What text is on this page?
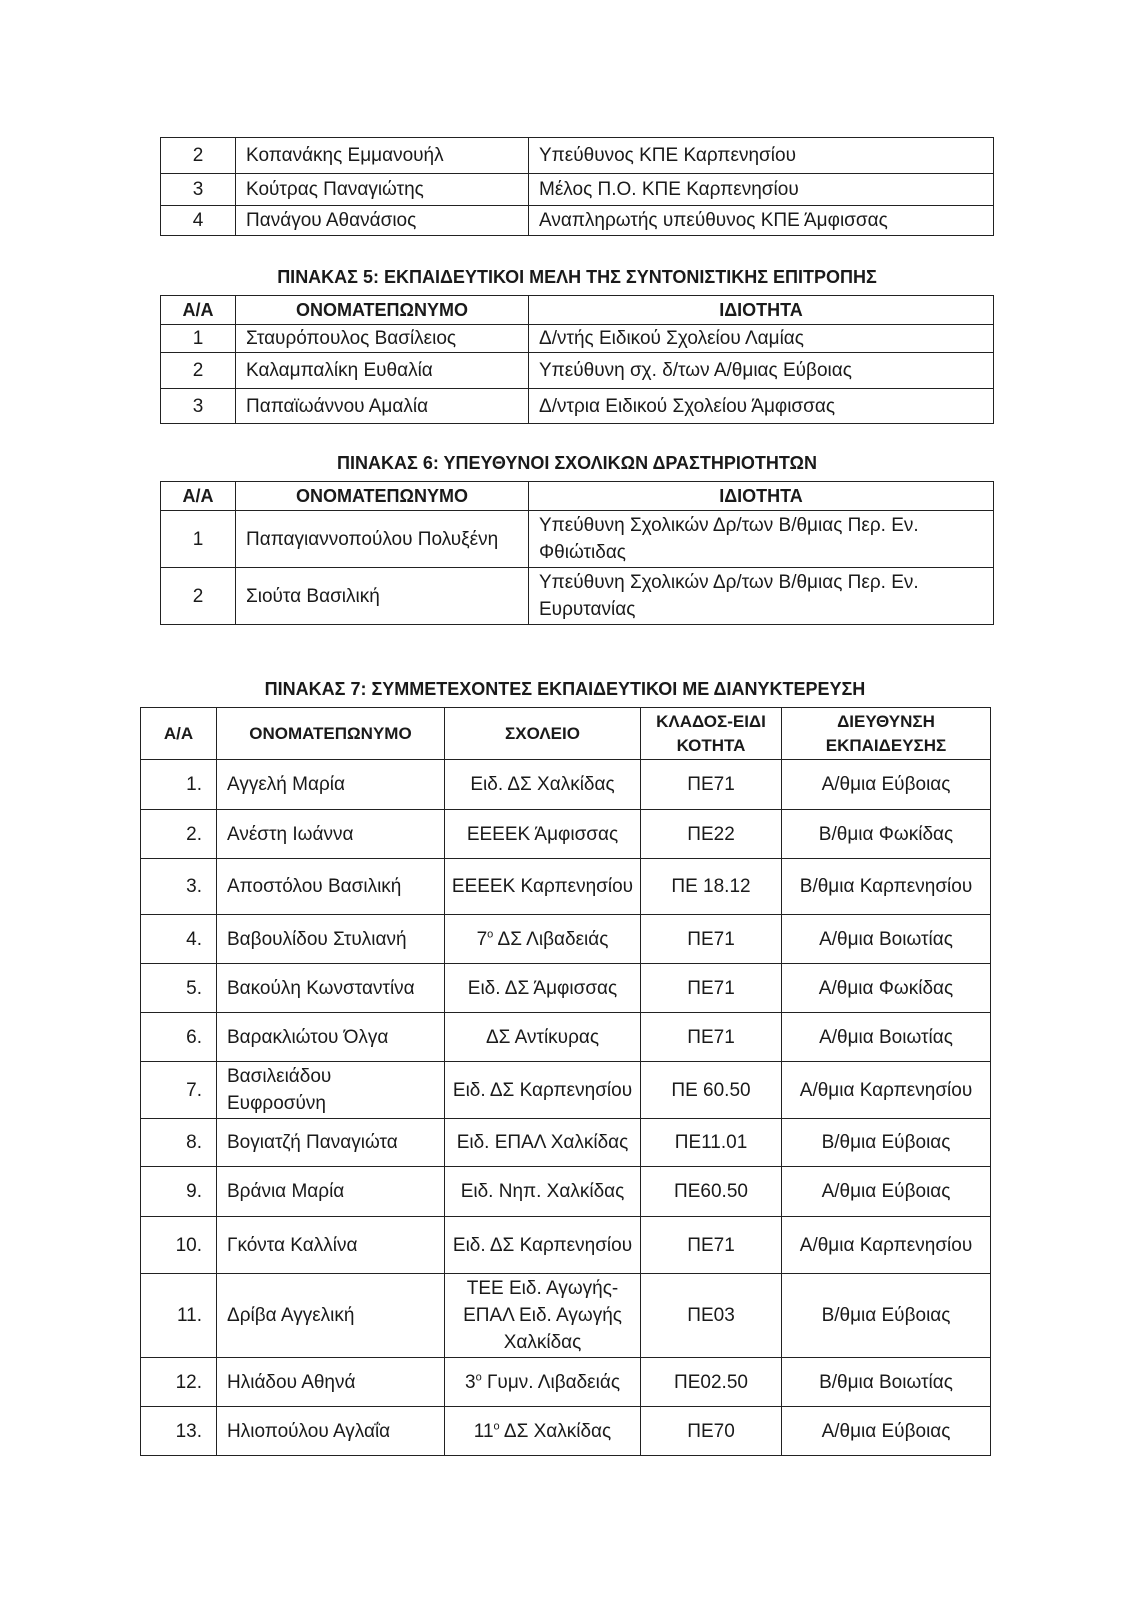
2	Κοπανάκης Εμμανουήλ	Υπεύθυνος ΚΠΕ Καρπενησίου
3	Κούτρας Παναγιώτης	Μέλος Π.Ο. ΚΠΕ Καρπενησίου
4	Πανάγου Αθανάσιος	Αναπληρωτής υπεύθυνος ΚΠΕ Άμφισσας
ΠΙΝΑΚΑΣ 5: ΕΚΠΑΙΔΕΥΤΙΚΟΙ ΜΕΛΗ ΤΗΣ ΣΥΝΤΟΝΙΣΤΙΚΗΣ ΕΠΙΤΡΟΠΗΣ
Α/Α	ΟΝΟΜΑΤΕΠΩΝΥΜΟ	ΙΔΙΟΤΗΤΑ
1	Σταυρόπουλος Βασίλειος	Δ/ντής Ειδικού Σχολείου Λαμίας
2	Καλαμπαλίκη Ευθαλία	Υπεύθυνη σχ. δ/των Α/θμιας Εύβοιας
3	Παπαϊωάννου Αμαλία	Δ/ντρια Ειδικού Σχολείου Άμφισσας
ΠΙΝΑΚΑΣ 6: ΥΠΕΥΘΥΝΟΙ ΣΧΟΛΙΚΩΝ ΔΡΑΣΤΗΡΙΟΤΗΤΩΝ
Α/Α	ΟΝΟΜΑΤΕΠΩΝΥΜΟ	ΙΔΙΟΤΗΤΑ
1	Παπαγιαννοπούλου Πολυξένη	Υπεύθυνη Σχολικών Δρ/των Β/θμιας Περ. Εν. Φθιώτιδας
2	Σιούτα Βασιλική	Υπεύθυνη Σχολικών Δρ/των Β/θμιας Περ. Εν. Ευρυτανίας
ΠΙΝΑΚΑΣ 7: ΣΥΜΜΕΤΕΧΟΝΤΕΣ ΕΚΠΑΙΔΕΥΤΙΚΟΙ ΜΕ ΔΙΑΝΥΚΤΕΡΕΥΣΗ
Α/Α	ΟΝΟΜΑΤΕΠΩΝΥΜΟ	ΣΧΟΛΕΙΟ	ΚΛΑΔΟΣ-ΕΙΔΙΚΟΤΗΤΑ	ΔΙΕΥΘΥΝΣΗ ΕΚΠΑΙΔΕΥΣΗΣ
1.	Αγγελή Μαρία	Ειδ. ΔΣ Χαλκίδας	ΠΕ71	Α/θμια Εύβοιας
2.	Ανέστη Ιωάννα	ΕΕΕΕΚ Άμφισσας	ΠΕ22	Β/θμια Φωκίδας
3.	Αποστόλου Βασιλική	ΕΕΕΕΚ Καρπενησίου	ΠΕ 18.12	Β/θμια Καρπενησίου
4.	Βαβουλίδου Στυλιανή	$7^o$ ΔΣ Λιβαδειάς	ΠΕ71	Α/θμια Βοιωτίας
5.	Βακούλη Κωνσταντίνα	Ειδ. ΔΣ Άμφισσας	ΠΕ71	Α/θμια Φωκίδας
6.	Βαρακλιώτου Όλγα	ΔΣ Αντίκυρας	ΠΕ71	Α/θμια Βοιωτίας
7.	Βασιλειάδου Ευφροσύνη	Ειδ. ΔΣ Καρπενησίου	ΠΕ 60.50	Α/θμια Καρπενησίου
8.	Βογιατζή Παναγιώτα	Ειδ. ΕΠΑΛ Χαλκίδας	ΠΕ11.01	Β/θμια Εύβοιας
9.	Βράνια Μαρία	Ειδ. Νηπ. Χαλκίδας	ΠΕ60.50	Α/θμια Εύβοιας
10.	Γκόντα Καλλίνα	Ειδ. ΔΣ Καρπενησίου	ΠΕ71	Α/θμια Καρπενησίου
11.	Δρίβα Αγγελική	ΤΕΕ Ειδ. Αγωγής-ΕΠΑΛ Ειδ. Αγωγής Χαλκίδας	ΠΕ03	Β/θμια Εύβοιας
12.	Ηλιάδου Αθηνά	$3^o$ Γυμν. Λιβαδειάς	ΠΕ02.50	Β/θμια Βοιωτίας
13.	Ηλιοπούλου Αγλαΐα	$11^o$ ΔΣ Χαλκίδας	ΠΕ70	Α/θμια Εύβοιας
